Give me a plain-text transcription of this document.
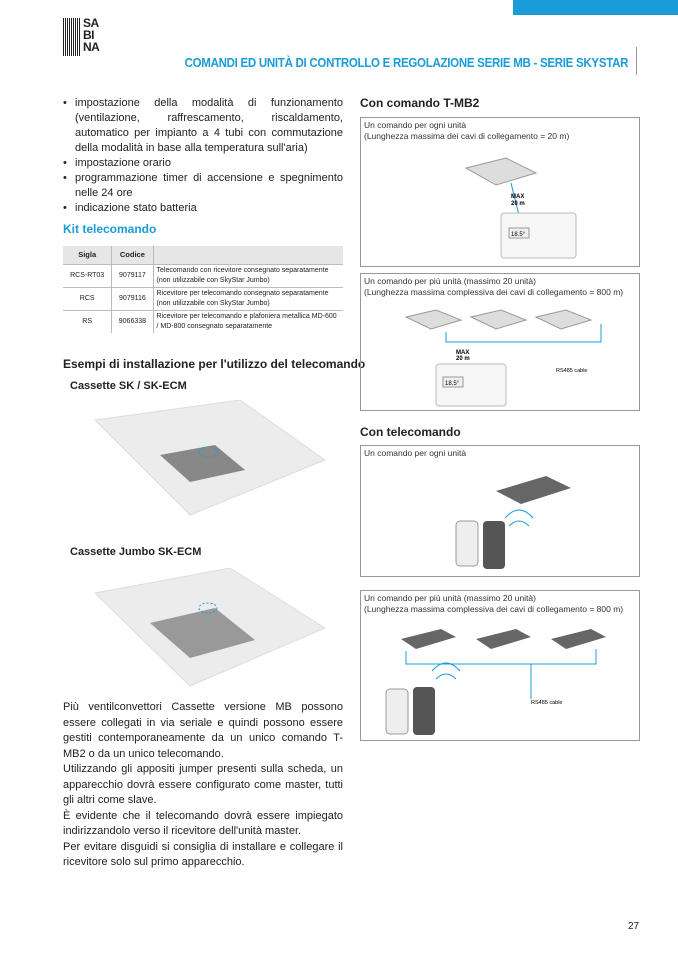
SA
BI
NA
COMANDI ED UNITÀ DI CONTROLLO E REGOLAZIONE SERIE MB - SERIE SKYSTAR
• impostazione della modalità di funzionamento (ventilazione, raffrescamento, riscaldamento, automatico per impianto a 4 tubi con commutazione della modalità in base alla temperatura sull'aria)
• impostazione orario
• programmazione timer di accensione e spegnimento nelle 24 ore
• indicazione stato batteria
Kit telecomando
Sigla	Codice	
RCS-RT03	9079117	Telecomando con ricevitore consegnato separatamente (non utilizzabile con SkyStar Jumbo)
RCS	9079116	Ricevitore per telecomando consegnato separatamente (non utilizzabile con SkyStar Jumbo)
RS	9066338	Ricevitore per telecomando e plafoniera metallica MD-600 / MD-800 consegnato separatamente
Esempi di installazione per l'utilizzo del telecomando
Cassette SK / SK-ECM
Cassette Jumbo SK-ECM

Più ventilconvettori Cassette versione MB possono essere collegati in via seriale e quindi possono essere gestiti contemporaneamente da un unico comando T-MB2 o da un unico telecomando.

Utilizzando gli appositi jumper presenti sulla scheda, un apparecchio dovrà essere configurato come master, tutti gli altri come slave.

È evidente che il telecomando dovrà essere impiegato indirizzandolo verso il ricevitore dell'unità master.

Per evitare disguidi si consiglia di installare e collegare il ricevitore solo sul primo apparecchio.

Con comando T-MB2
Un comando per ogni unità
(Lunghezza massima dei cavi di collegamento = 20 m)
MAX
20 m
18.5°
Un comando per più unità (massimo 20 unità)
(Lunghezza massima complessiva dei cavi di collegamento = 800 m)
MAX
20 m
RS485 cable
18.5°
Con telecomando
Un comando per ogni unità
Un comando per più unità (massimo 20 unità)
(Lunghezza massima complessiva dei cavi di collegamento = 800 m)
RS485 cable
27
